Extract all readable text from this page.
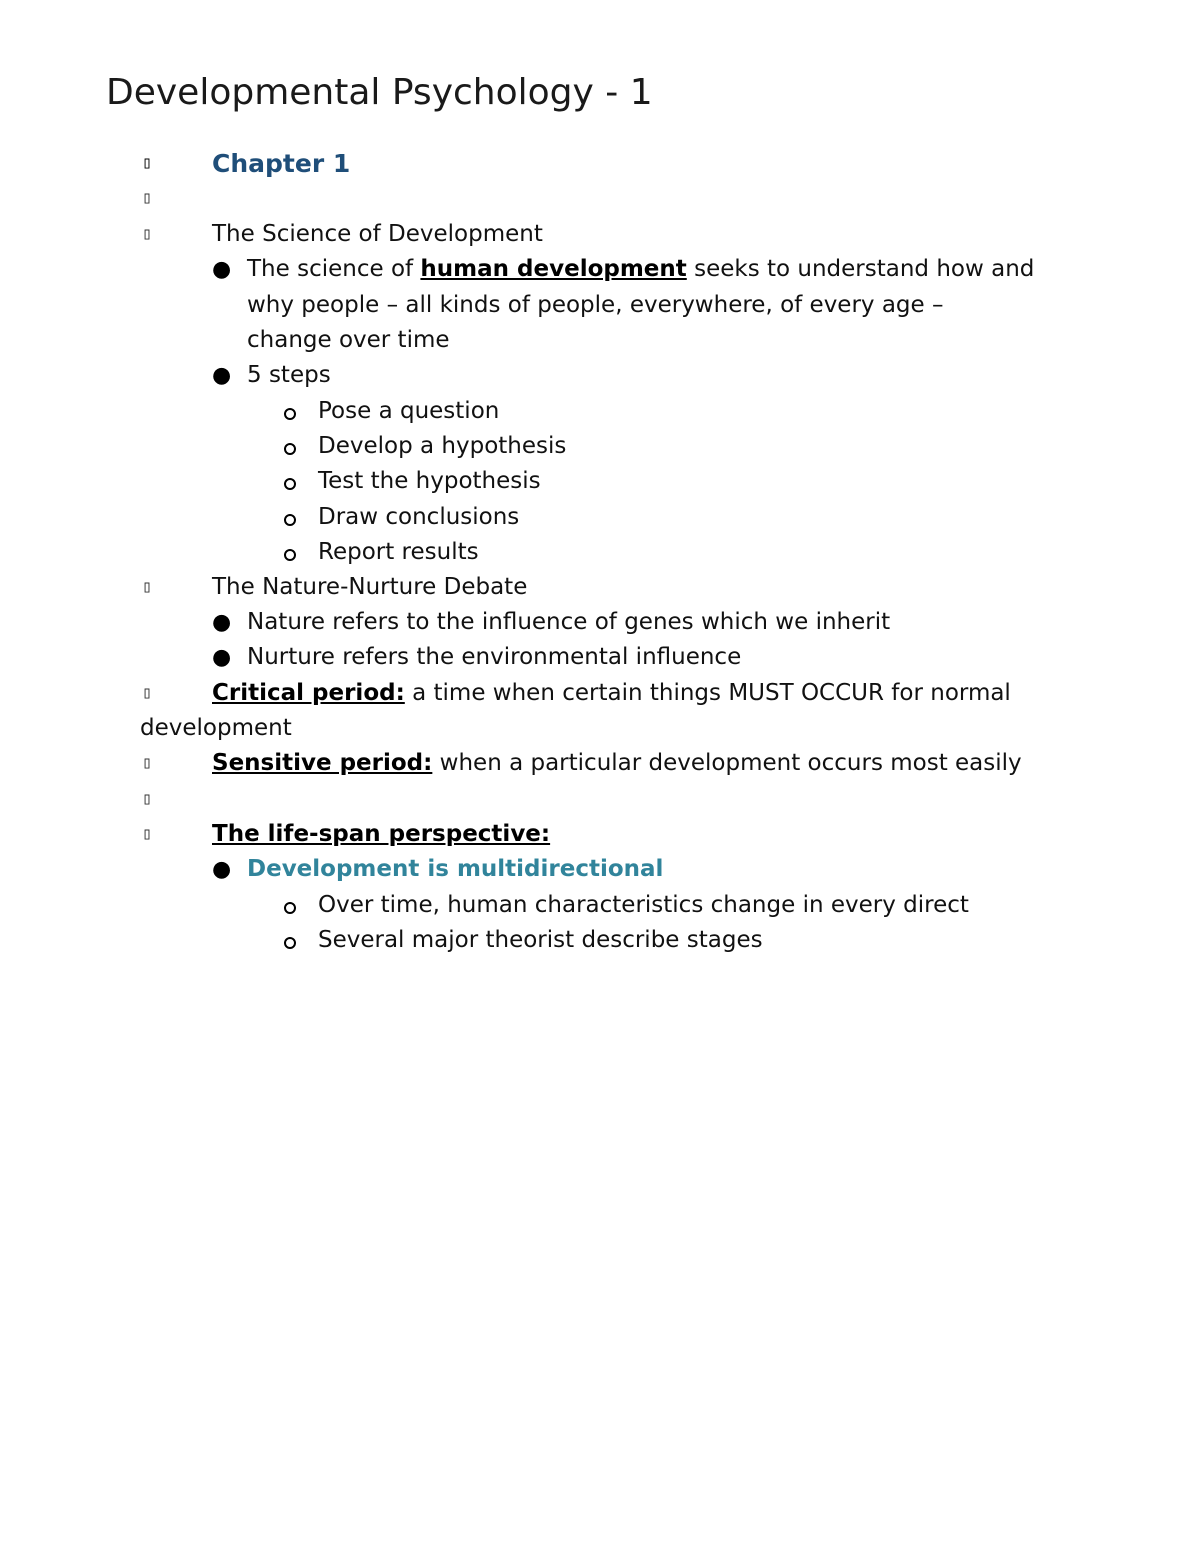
Developmental Psychology - 1
▯ Chapter 1
▯
▯	The Science of Development
● The science of human development seeks to understand how and
why people – all kinds of people, everywhere, of every age –
change over time
● 5 steps
Pose a question
Develop a hypothesis
Test the hypothesis
Draw conclusions
Report results
▯	The Nature-Nurture Debate
● Nature refers to the influence of genes which we inherit
● Nurture refers the environmental influence
▯	Critical period: a time when certain things MUST OCCUR for normal
development
▯	Sensitive period: when a particular development occurs most easily
▯
▯	The life-span perspective:
● Development is multidirectional
Over time, human characteristics change in every direct
Several major theorist describe stages
